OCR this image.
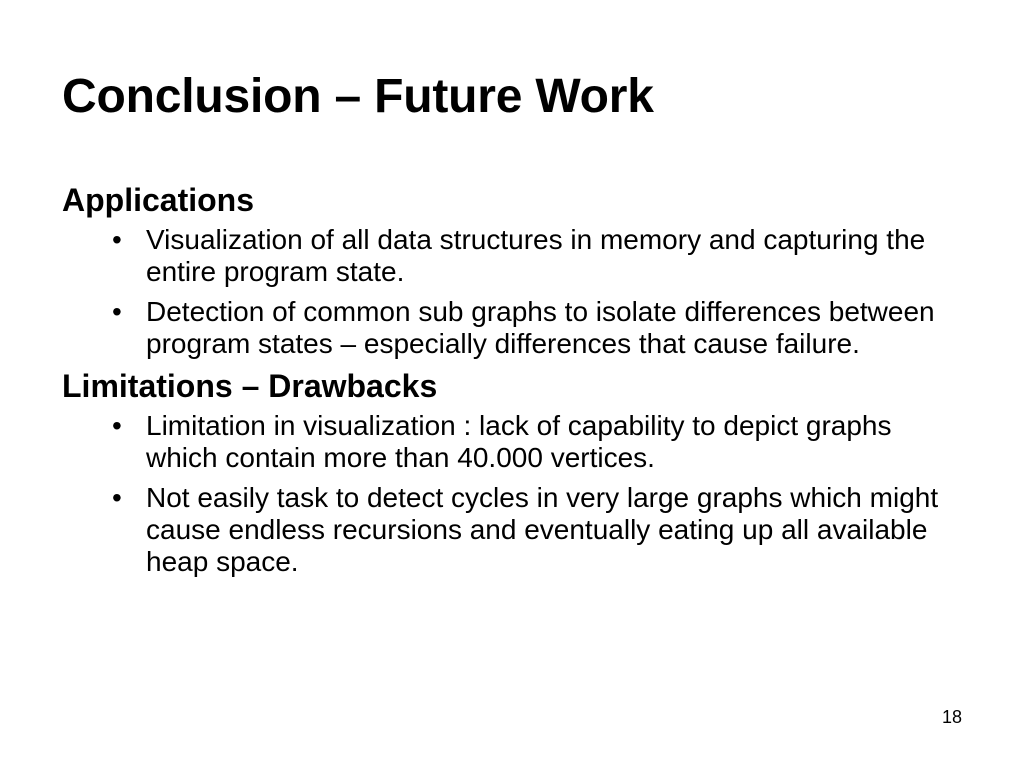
Conclusion – Future Work
Applications
• Visualization of all data structures in memory and capturing the entire program state.
• Detection of common sub graphs to isolate differences between program states – especially differences that cause failure.
Limitations – Drawbacks
• Limitation in visualization : lack of capability to depict graphs which contain more than 40.000 vertices.
• Not easily task to detect cycles in very large graphs which might cause endless recursions and eventually eating up all available heap space.
18
